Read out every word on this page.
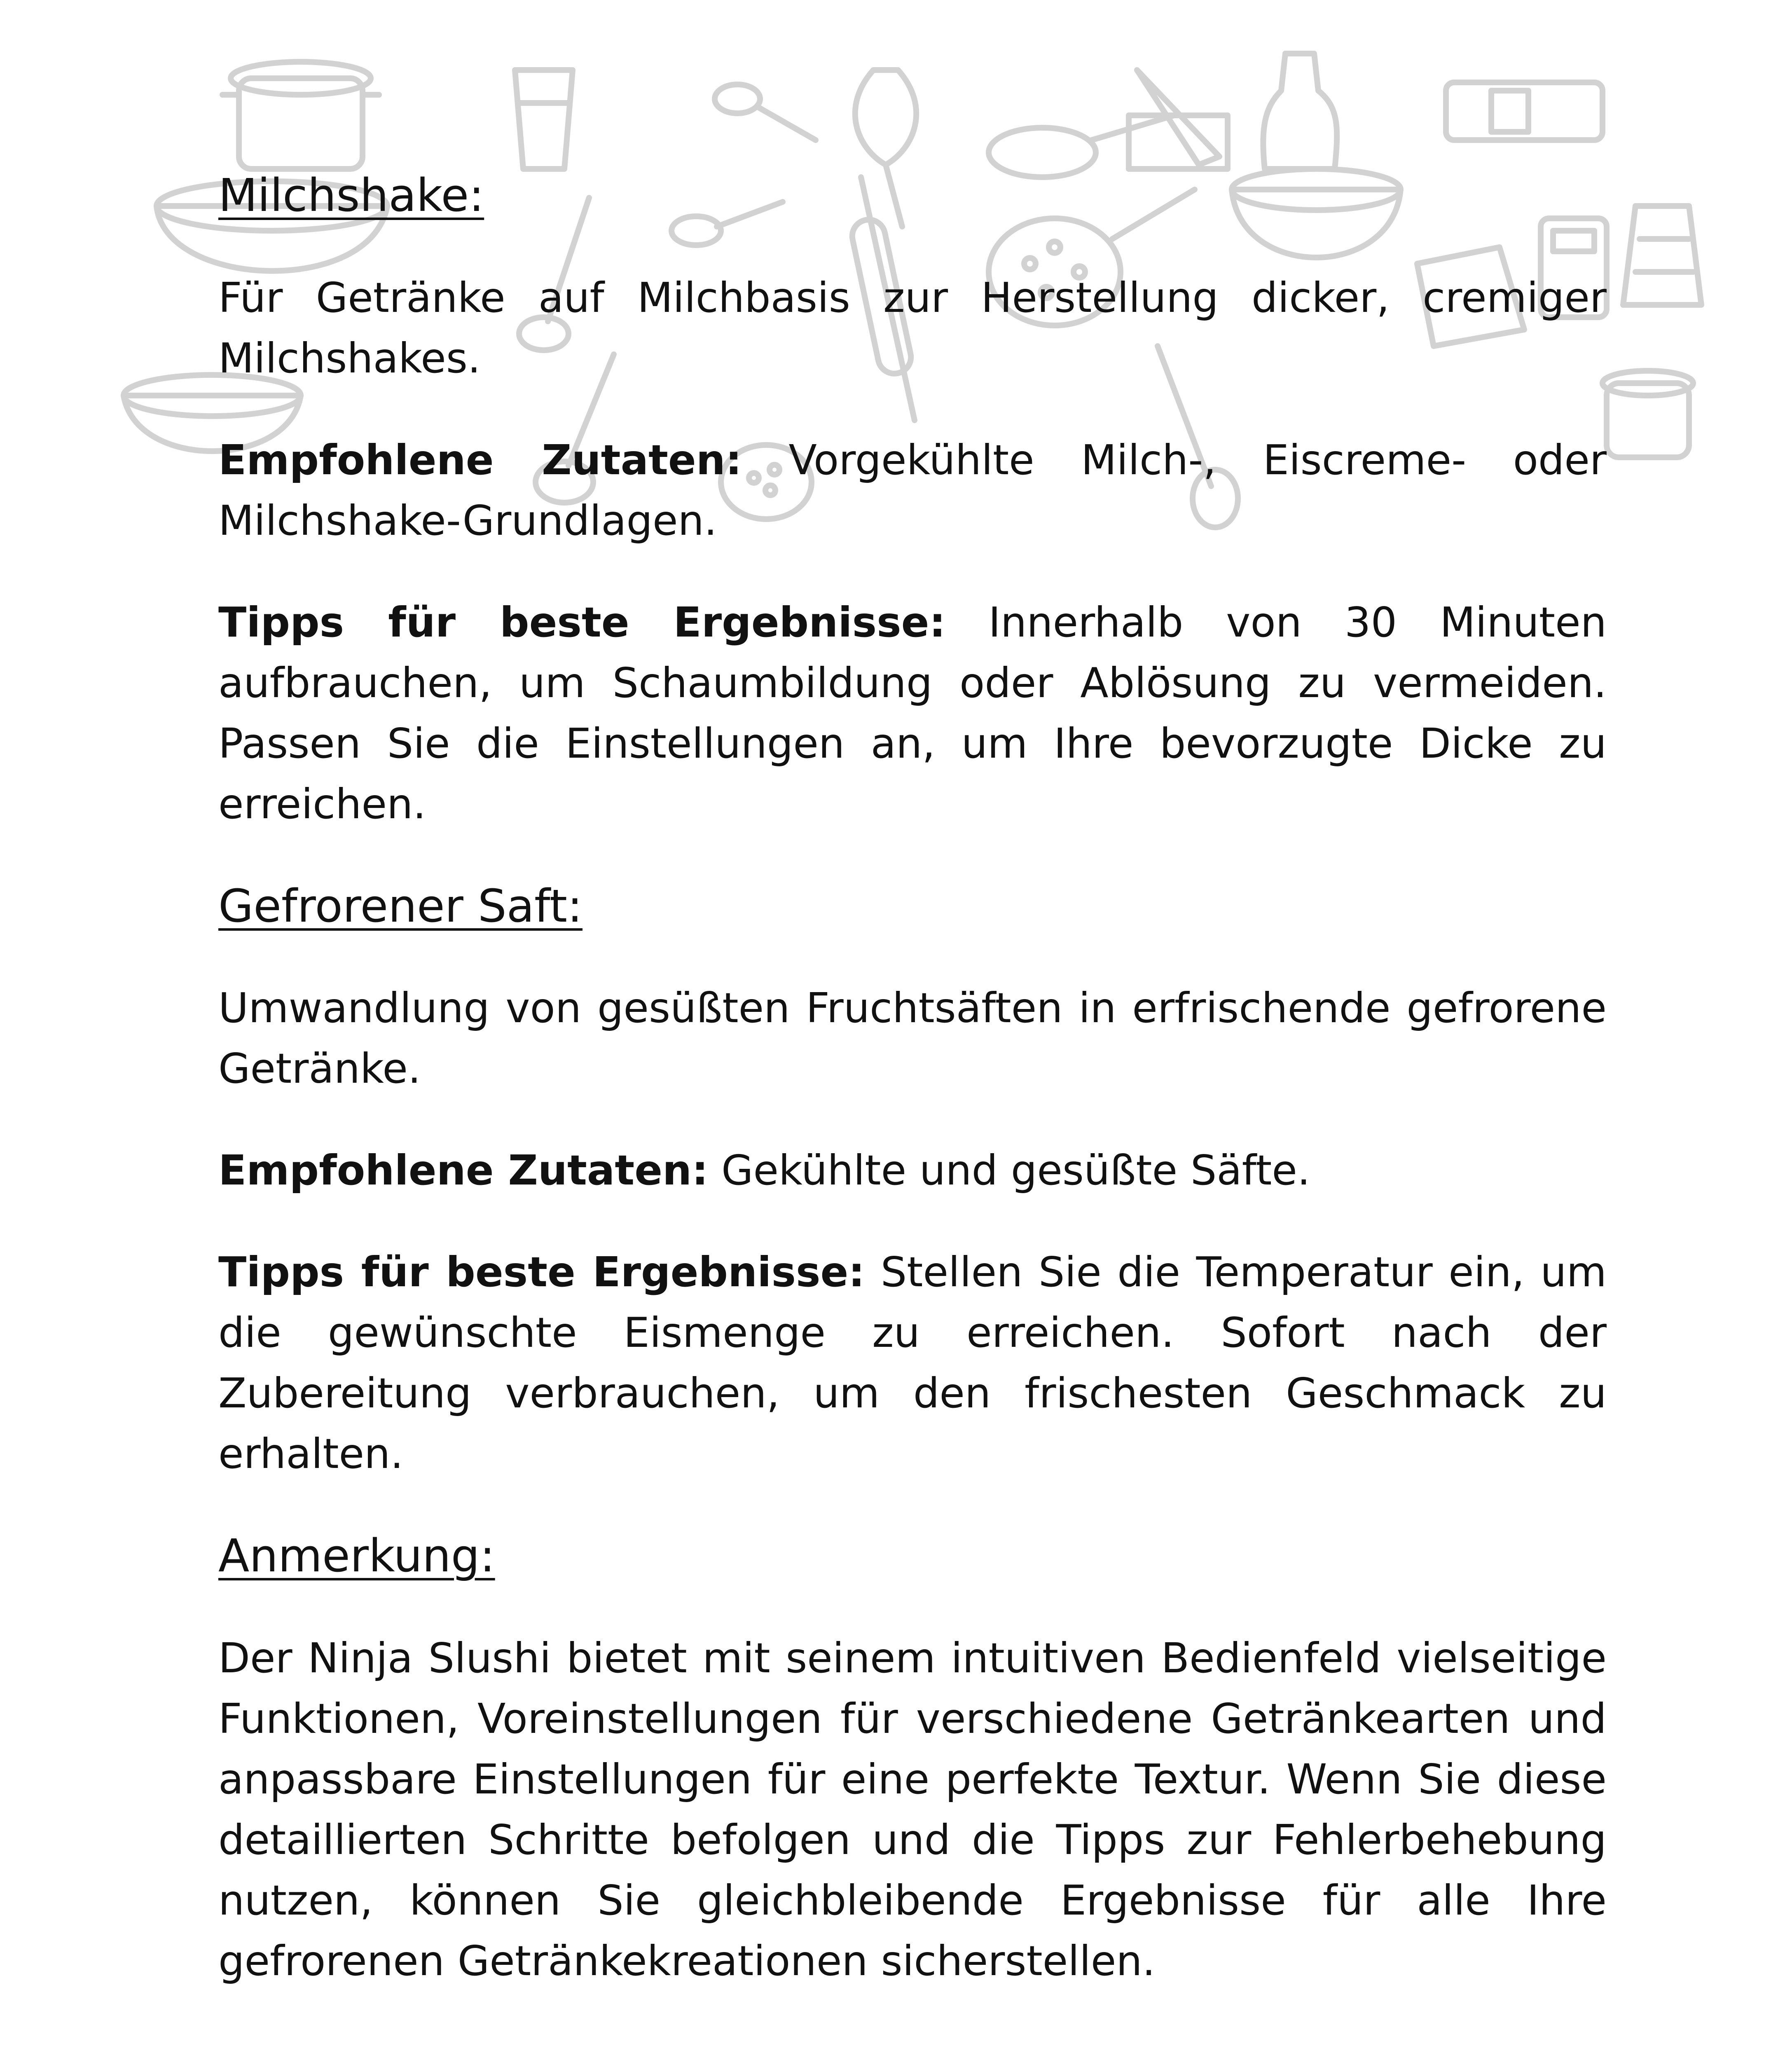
Milchshake:

Für Getränke auf Milchbasis zur Herstellung dicker, cremiger Milchshakes.

Empfohlene Zutaten: Vorgekühlte Milch-, Eiscreme- oder Milchshake-Grundlagen.

Tipps für beste Ergebnisse: Innerhalb von 30 Minuten aufbrauchen, um Schaumbildung oder Ablösung zu vermeiden. Passen Sie die Einstellungen an, um Ihre bevorzugte Dicke zu erreichen.

Gefrorener Saft:

Umwandlung von gesüßten Fruchtsäften in erfrischende gefrorene Getränke.

Empfohlene Zutaten: Gekühlte und gesüßte Säfte.

Tipps für beste Ergebnisse: Stellen Sie die Temperatur ein, um die gewünschte Eismenge zu erreichen. Sofort nach der Zubereitung verbrauchen, um den frischesten Geschmack zu erhalten.

Anmerkung:

Der Ninja Slushi bietet mit seinem intuitiven Bedienfeld vielseitige Funktionen, Voreinstellungen für verschiedene Getränkearten und anpassbare Einstellungen für eine perfekte Textur. Wenn Sie diese detaillierten Schritte befolgen und die Tipps zur Fehlerbehebung nutzen, können Sie gleichbleibende Ergebnisse für alle Ihre gefrorenen Getränkekreationen sicherstellen.
